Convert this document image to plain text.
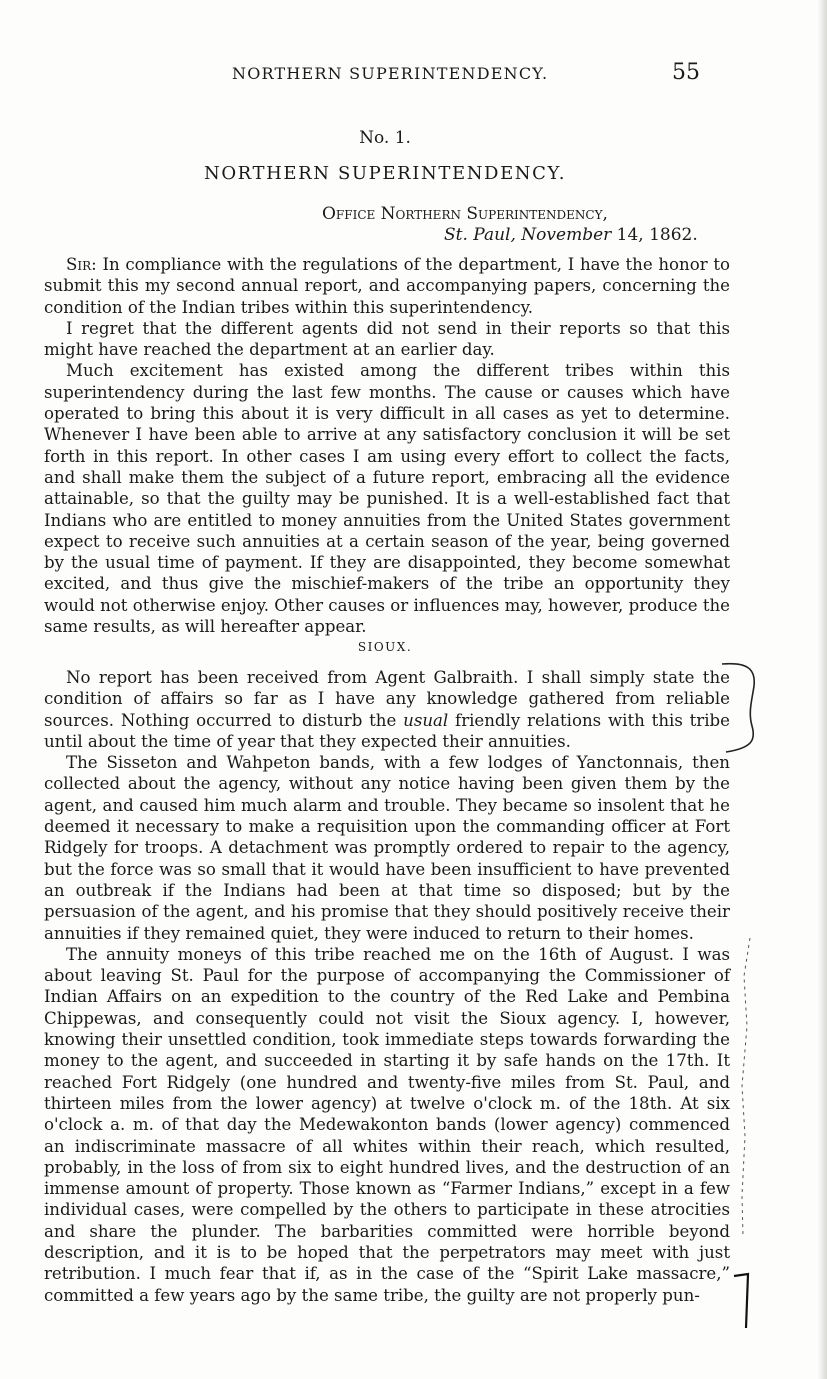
NORTHERN SUPERINTENDENCY.	55
No. 1.
NORTHERN SUPERINTENDENCY.
Office Northern Superintendency,
St. Paul, November 14, 1862.

Sir: In compliance with the regulations of the department, I have the honor to submit this my second annual report, and accompanying papers, concerning the condition of the Indian tribes within this superintendency.

I regret that the different agents did not send in their reports so that this might have reached the department at an earlier day.

Much excitement has existed among the different tribes within this superintendency during the last few months. The cause or causes which have operated to bring this about it is very difficult in all cases as yet to determine. Whenever I have been able to arrive at any satisfactory conclusion it will be set forth in this report. In other cases I am using every effort to collect the facts, and shall make them the subject of a future report, embracing all the evidence attainable, so that the guilty may be punished. It is a well-established fact that Indians who are entitled to money annuities from the United States government expect to receive such annuities at a certain season of the year, being governed by the usual time of payment. If they are disappointed, they become somewhat excited, and thus give the mischief-makers of the tribe an opportunity they would not otherwise enjoy. Other causes or influences may, however, produce the same results, as will hereafter appear.

SIOUX.

No report has been received from Agent Galbraith. I shall simply state the condition of affairs so far as I have any knowledge gathered from reliable sources. Nothing occurred to disturb the usual friendly relations with this tribe until about the time of year that they expected their annuities.

The Sisseton and Wahpeton bands, with a few lodges of Yanctonnais, then collected about the agency, without any notice having been given them by the agent, and caused him much alarm and trouble. They became so insolent that he deemed it necessary to make a requisition upon the commanding officer at Fort Ridgely for troops. A detachment was promptly ordered to repair to the agency, but the force was so small that it would have been insufficient to have prevented an outbreak if the Indians had been at that time so disposed; but by the persuasion of the agent, and his promise that they should positively receive their annuities if they remained quiet, they were induced to return to their homes.

The annuity moneys of this tribe reached me on the 16th of August. I was about leaving St. Paul for the purpose of accompanying the Commissioner of Indian Affairs on an expedition to the country of the Red Lake and Pembina Chippewas, and consequently could not visit the Sioux agency. I, however, knowing their unsettled condition, took immediate steps towards forwarding the money to the agent, and succeeded in starting it by safe hands on the 17th. It reached Fort Ridgely (one hundred and twenty-five miles from St. Paul, and thirteen miles from the lower agency) at twelve o'clock m. of the 18th. At six o'clock a. m. of that day the Medewakonton bands (lower agency) commenced an indiscriminate massacre of all whites within their reach, which resulted, probably, in the loss of from six to eight hundred lives, and the destruction of an immense amount of property. Those known as “Farmer Indians,” except in a few individual cases, were compelled by the others to participate in these atrocities and share the plunder. The barbarities committed were horrible beyond description, and it is to be hoped that the perpetrators may meet with just retribution. I much fear that if, as in the case of the “Spirit Lake massacre,” committed a few years ago by the same tribe, the guilty are not properly pun-
